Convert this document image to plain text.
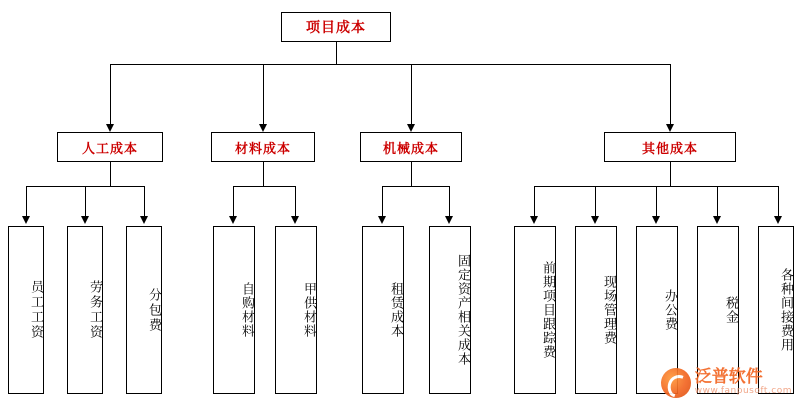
项目成本
人工成本	材料成本	机械成本	其他成本
员工工资	劳务工资	分包费	自购材料	甲供材料	租赁成本	固定资产相关成本	前期项目跟踪费	现场管理费	办公费	税金	各种间接费用
泛普软件
www.fanpusoft.com
